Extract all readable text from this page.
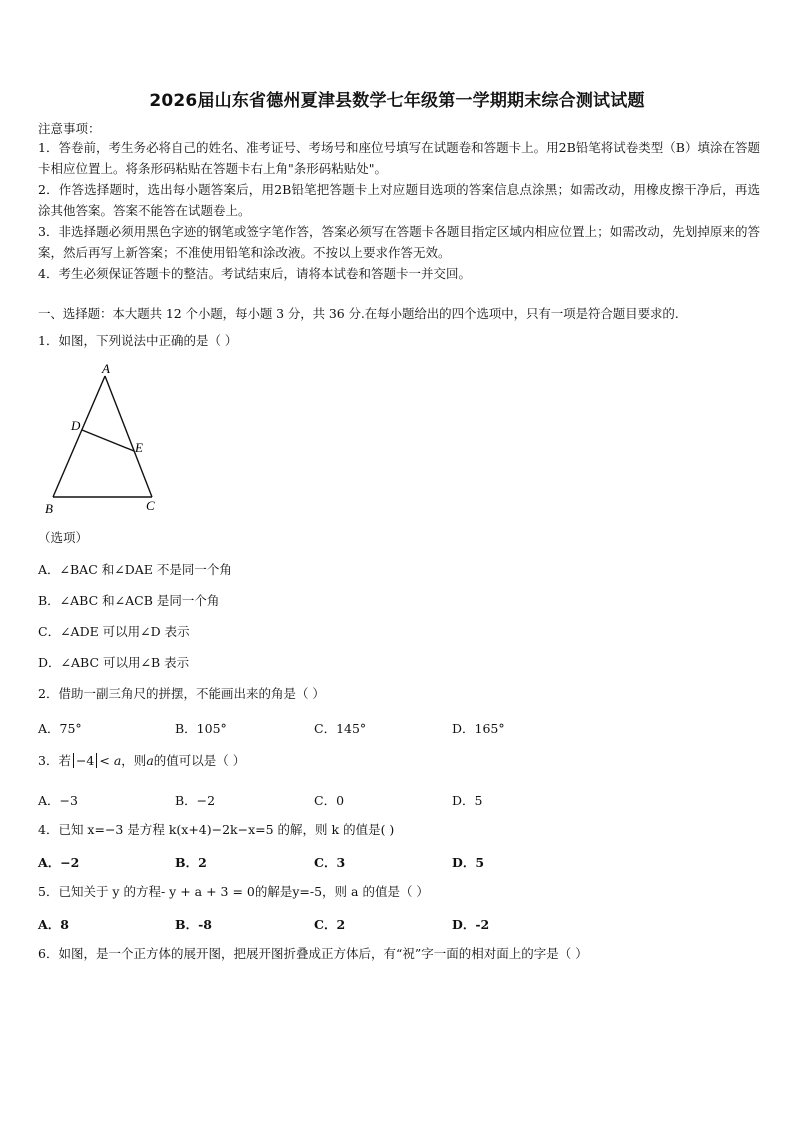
2026届山东省德州夏津县数学七年级第一学期期末综合测试试题
注意事项：
1．答卷前，考生务必将自己的姓名、准考证号、考场号和座位号填写在试题卷和答题卡上。用2B铅笔将试卷类型（B）填涂在答题卡相应位置上。将条形码粘贴在答题卡右上角"条形码粘贴处"。
2．作答选择题时，选出每小题答案后，用2B铅笔把答题卡上对应题目选项的答案信息点涂黑；如需改动，用橡皮擦干净后，再选涂其他答案。答案不能答在试题卷上。
3．非选择题必须用黑色字迹的钢笔或签字笔作答，答案必须写在答题卡各题目指定区域内相应位置上；如需改动，先划掉原来的答案，然后再写上新答案；不准使用铅笔和涂改液。不按以上要求作答无效。
4．考生必须保证答题卡的整洁。考试结束后，请将本试卷和答题卡一并交回。
一、选择题：本大题共 12 个小题，每小题 3 分，共 36 分.在每小题给出的四个选项中，只有一项是符合题目要求的.
1．如图，下列说法中正确的是（ ）
A
B	C
D
E
（选项）
A．∠BAC 和∠DAE 不是同一个角
B．∠ABC 和∠ACB 是同一个角
C．∠ADE 可以用∠D 表示
D．∠ABC 可以用∠B 表示
2．借助一副三角尺的拼摆，不能画出来的角是（ ）
A．75°	B．105°	C．145°	D．165°
3．若 −4 < a，则a的值可以是（ ）
A．−3	B．−2	C．0	D．5
4．已知 x=−3 是方程 k(x+4)−2k−x=5 的解，则 k 的值是( )
A．−2	B．2	C．3	D．5
5．已知关于 y 的方程- y + a + 3 = 0的解是y=-5，则 a 的值是（ ）
A．8	B．-8	C．2	D．-2
6．如图，是一个正方体的展开图，把展开图折叠成正方体后，有“祝”字一面的相对面上的字是（ ）
